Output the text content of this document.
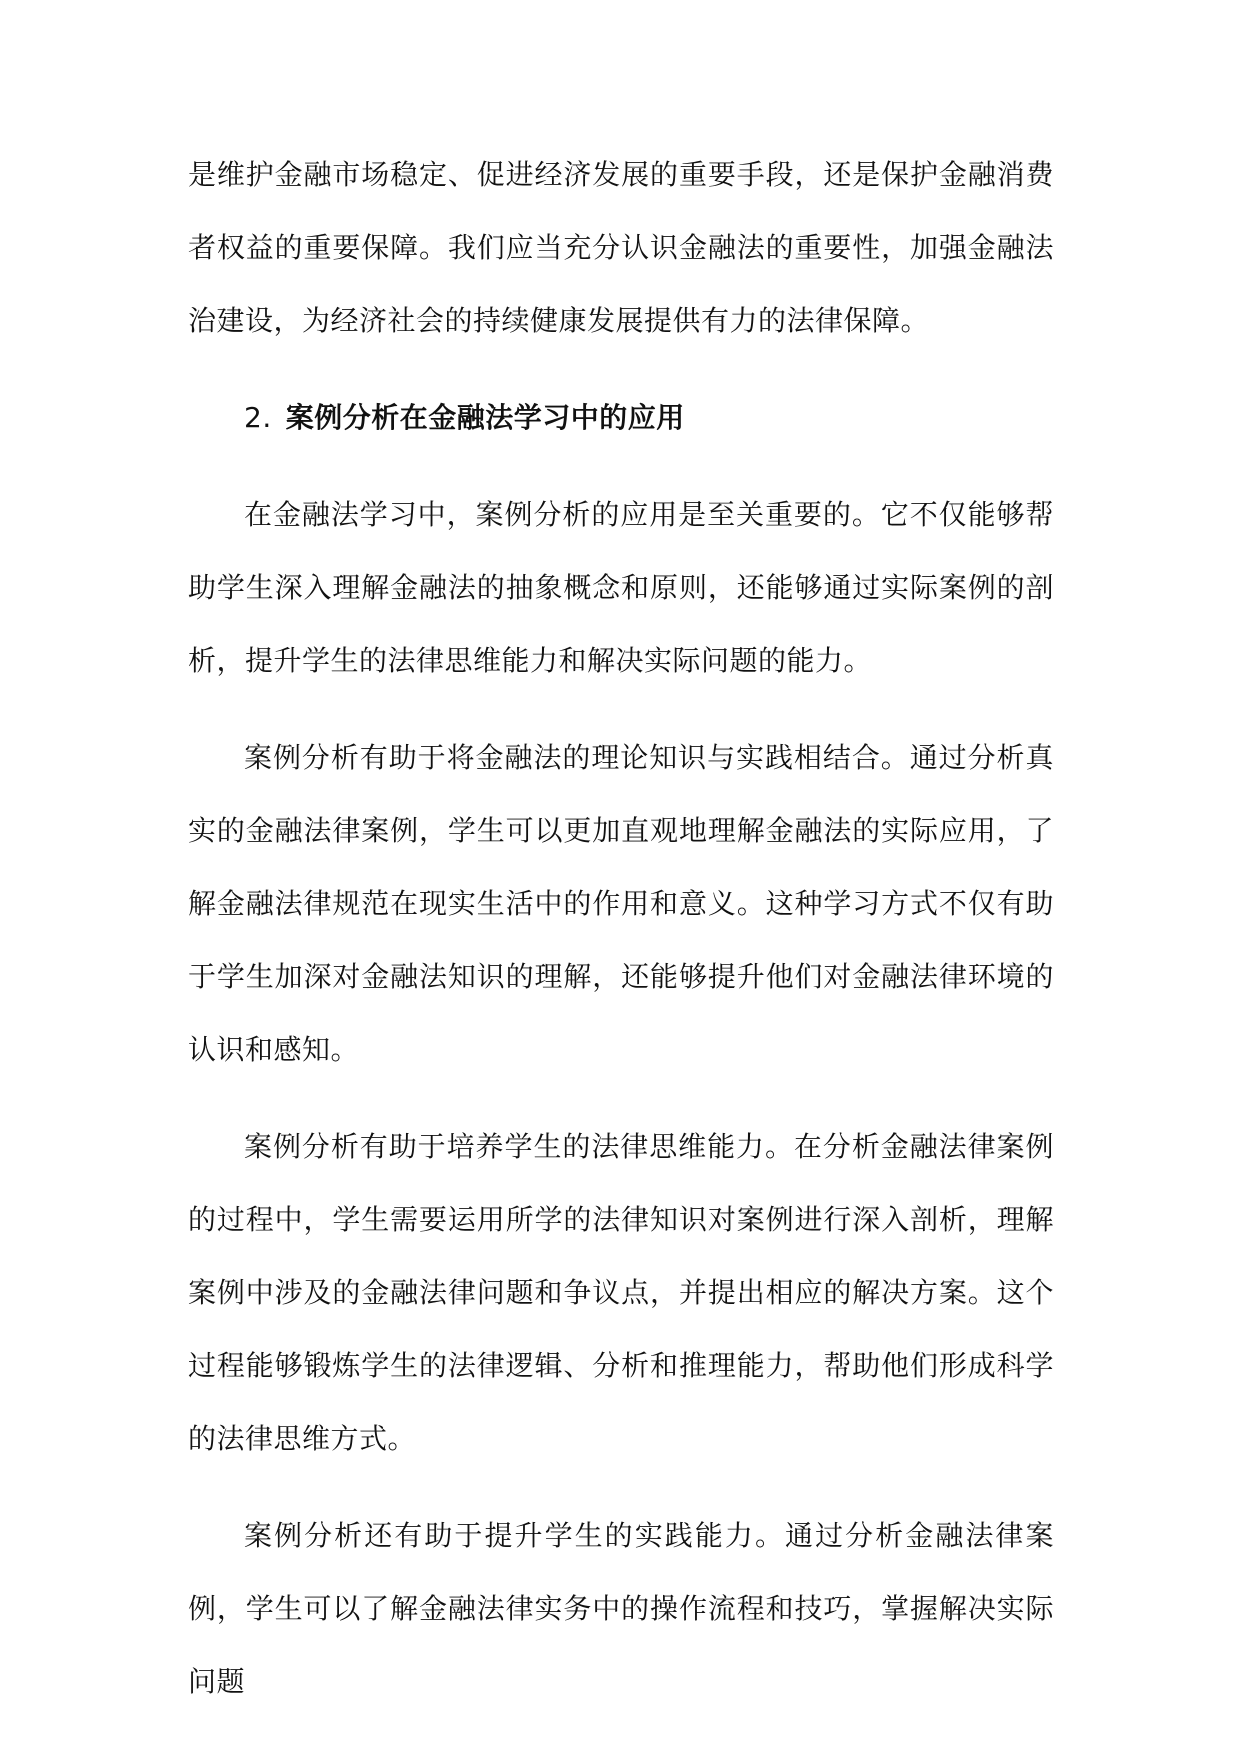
是维护金融市场稳定、促进经济发展的重要手段，还是保护金融消费者权益的重要保障。我们应当充分认识金融法的重要性，加强金融法治建设，为经济社会的持续健康发展提供有力的法律保障。

2. 案例分析在金融法学习中的应用

在金融法学习中，案例分析的应用是至关重要的。它不仅能够帮助学生深入理解金融法的抽象概念和原则，还能够通过实际案例的剖析，提升学生的法律思维能力和解决实际问题的能力。

案例分析有助于将金融法的理论知识与实践相结合。通过分析真实的金融法律案例，学生可以更加直观地理解金融法的实际应用，了解金融法律规范在现实生活中的作用和意义。这种学习方式不仅有助于学生加深对金融法知识的理解，还能够提升他们对金融法律环境的认识和感知。

案例分析有助于培养学生的法律思维能力。在分析金融法律案例的过程中，学生需要运用所学的法律知识对案例进行深入剖析，理解案例中涉及的金融法律问题和争议点，并提出相应的解决方案。这个过程能够锻炼学生的法律逻辑、分析和推理能力，帮助他们形成科学的法律思维方式。

案例分析还有助于提升学生的实践能力。通过分析金融法律案例，学生可以了解金融法律实务中的操作流程和技巧，掌握解决实际问题
